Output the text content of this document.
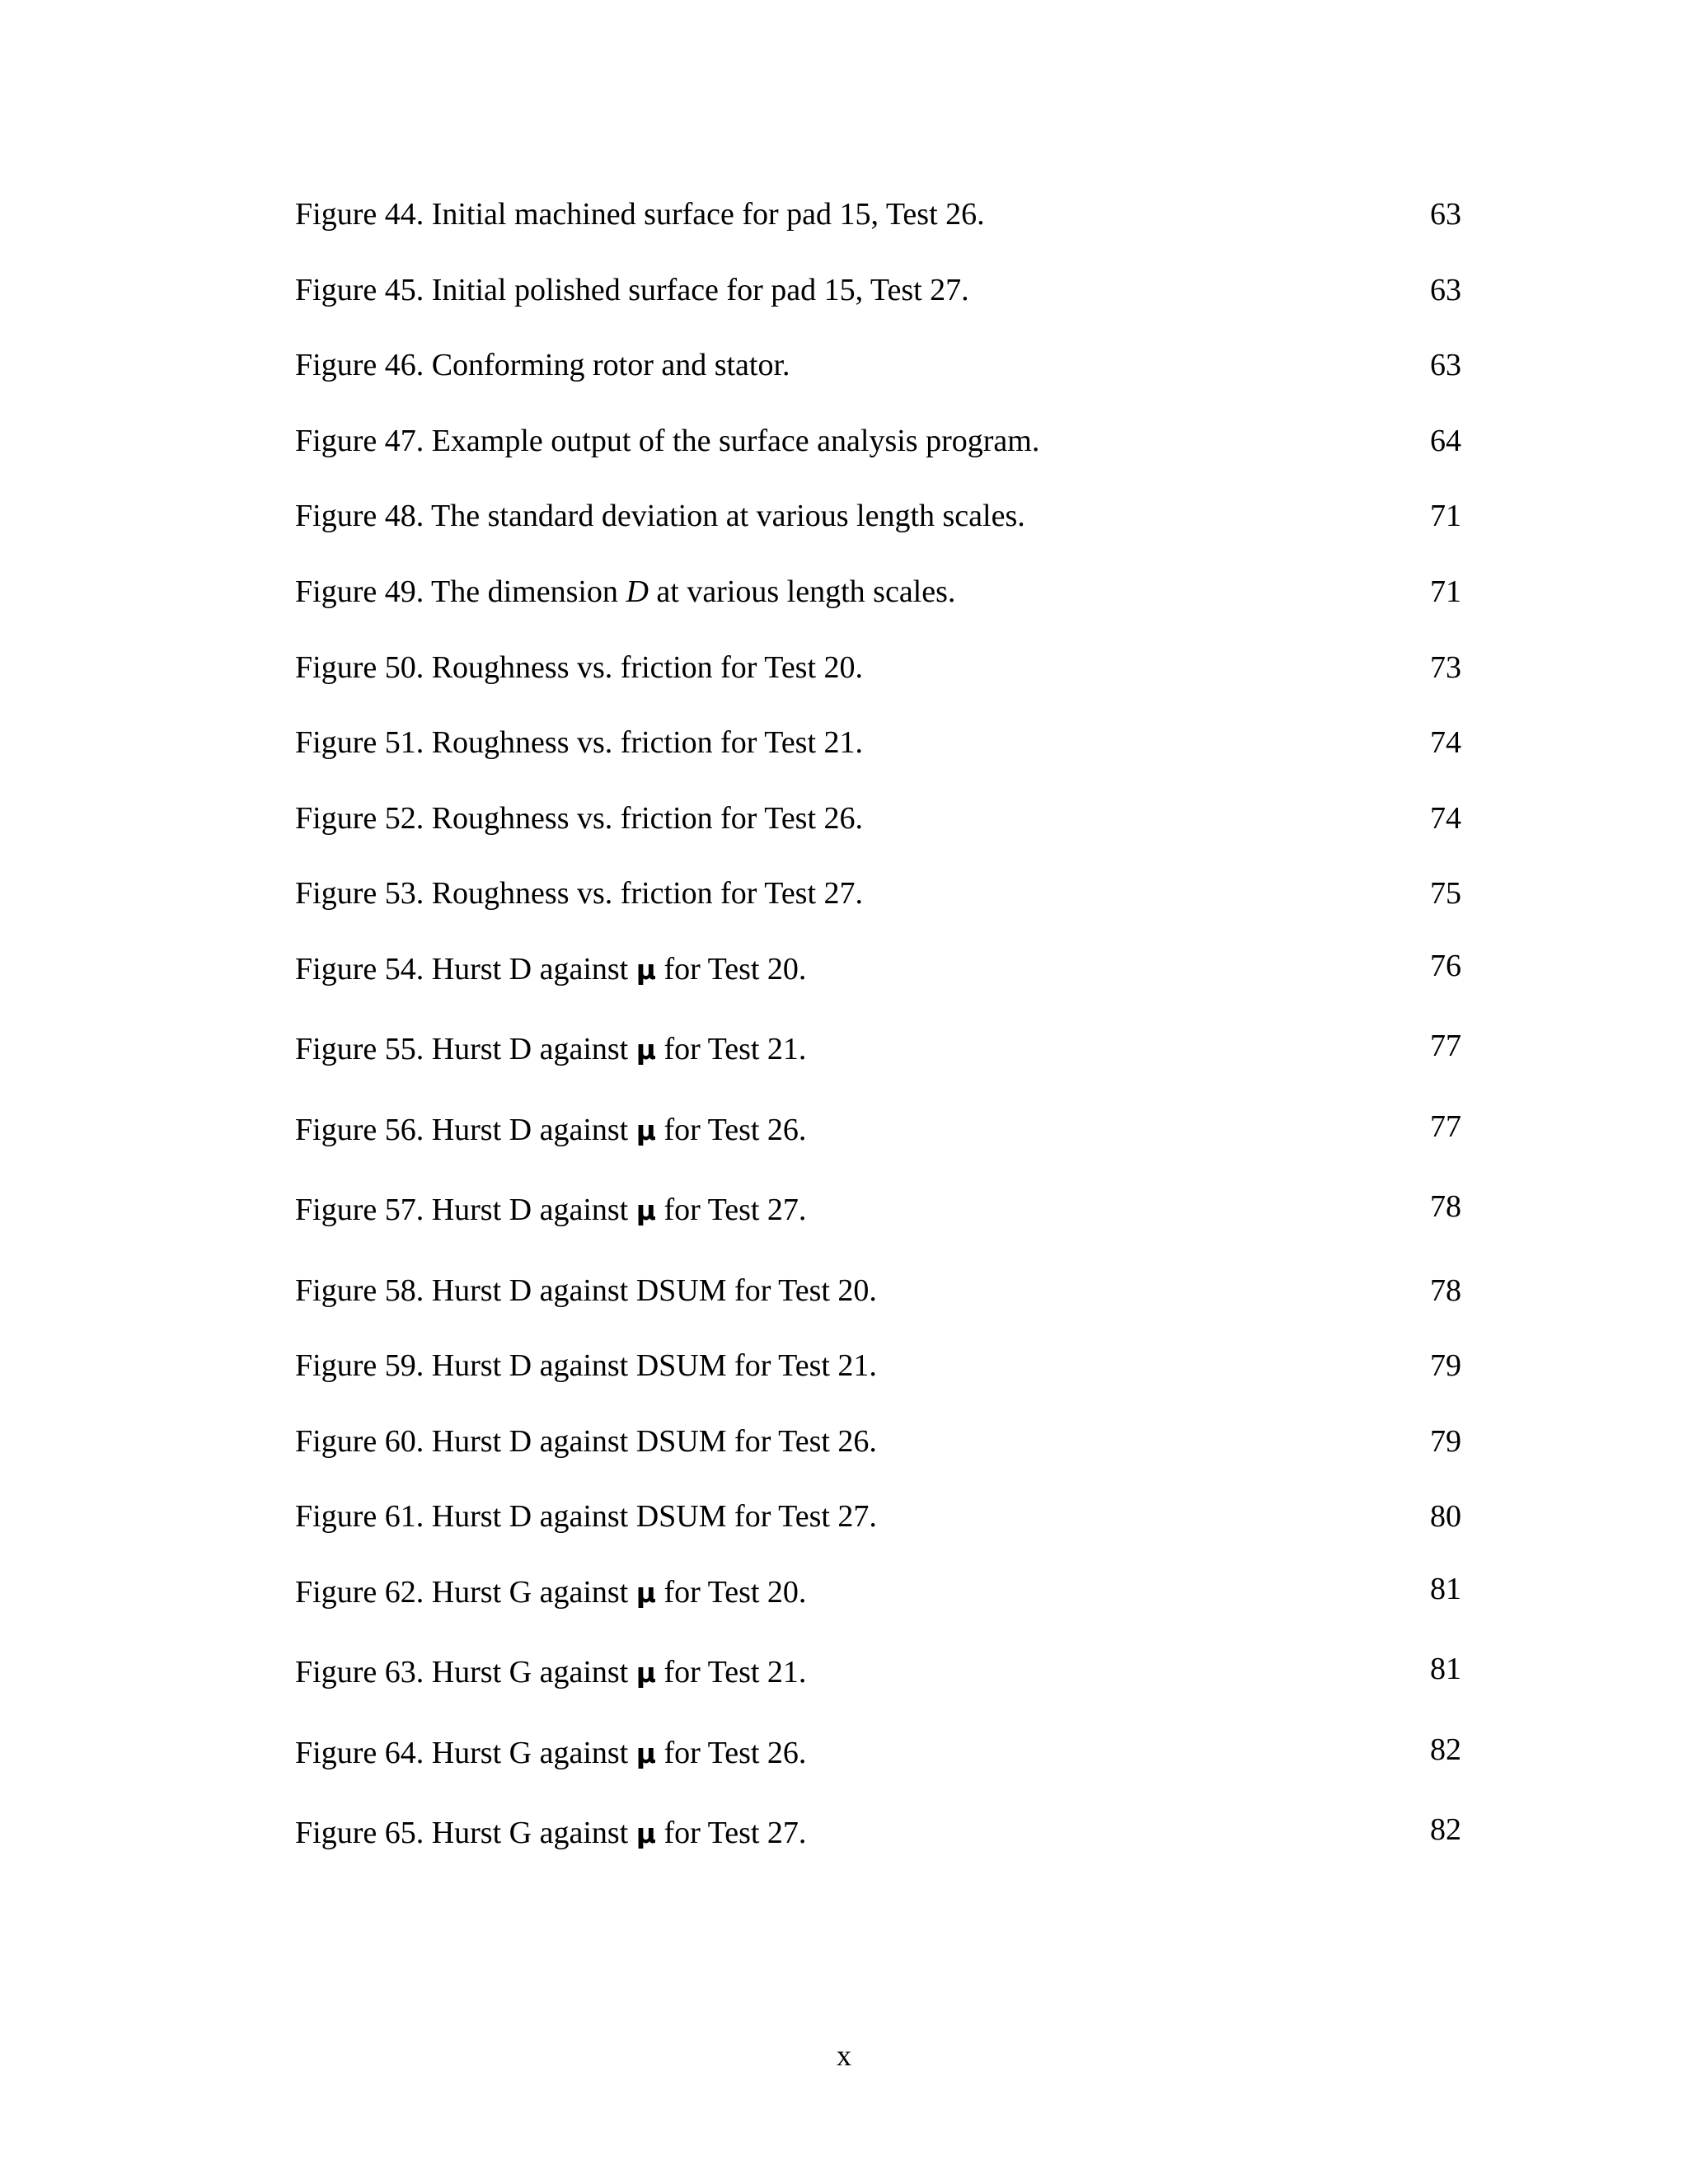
Figure 44. Initial machined surface for pad 15, Test 26.	63
Figure 45. Initial polished surface for pad 15, Test 27.	63
Figure 46. Conforming rotor and stator.	63
Figure 47. Example output of the surface analysis program.	64
Figure 48. The standard deviation at various length scales.	71
Figure 49. The dimension D at various length scales.	71
Figure 50. Roughness vs. friction for Test 20.	73
Figure 51. Roughness vs. friction for Test 21.	74
Figure 52. Roughness vs. friction for Test 26.	74
Figure 53. Roughness vs. friction for Test 27.	75
Figure 54. Hurst D against μ for Test 20.	76
Figure 55. Hurst D against μ for Test 21.	77
Figure 56. Hurst D against μ for Test 26.	77
Figure 57. Hurst D against μ for Test 27.	78
Figure 58. Hurst D against DSUM for Test 20.	78
Figure 59. Hurst D against DSUM for Test 21.	79
Figure 60. Hurst D against DSUM for Test 26.	79
Figure 61. Hurst D against DSUM for Test 27.	80
Figure 62. Hurst G against μ for Test 20.	81
Figure 63. Hurst G against μ for Test 21.	81
Figure 64. Hurst G against μ for Test 26.	82
Figure 65. Hurst G against μ for Test 27.	82
x
